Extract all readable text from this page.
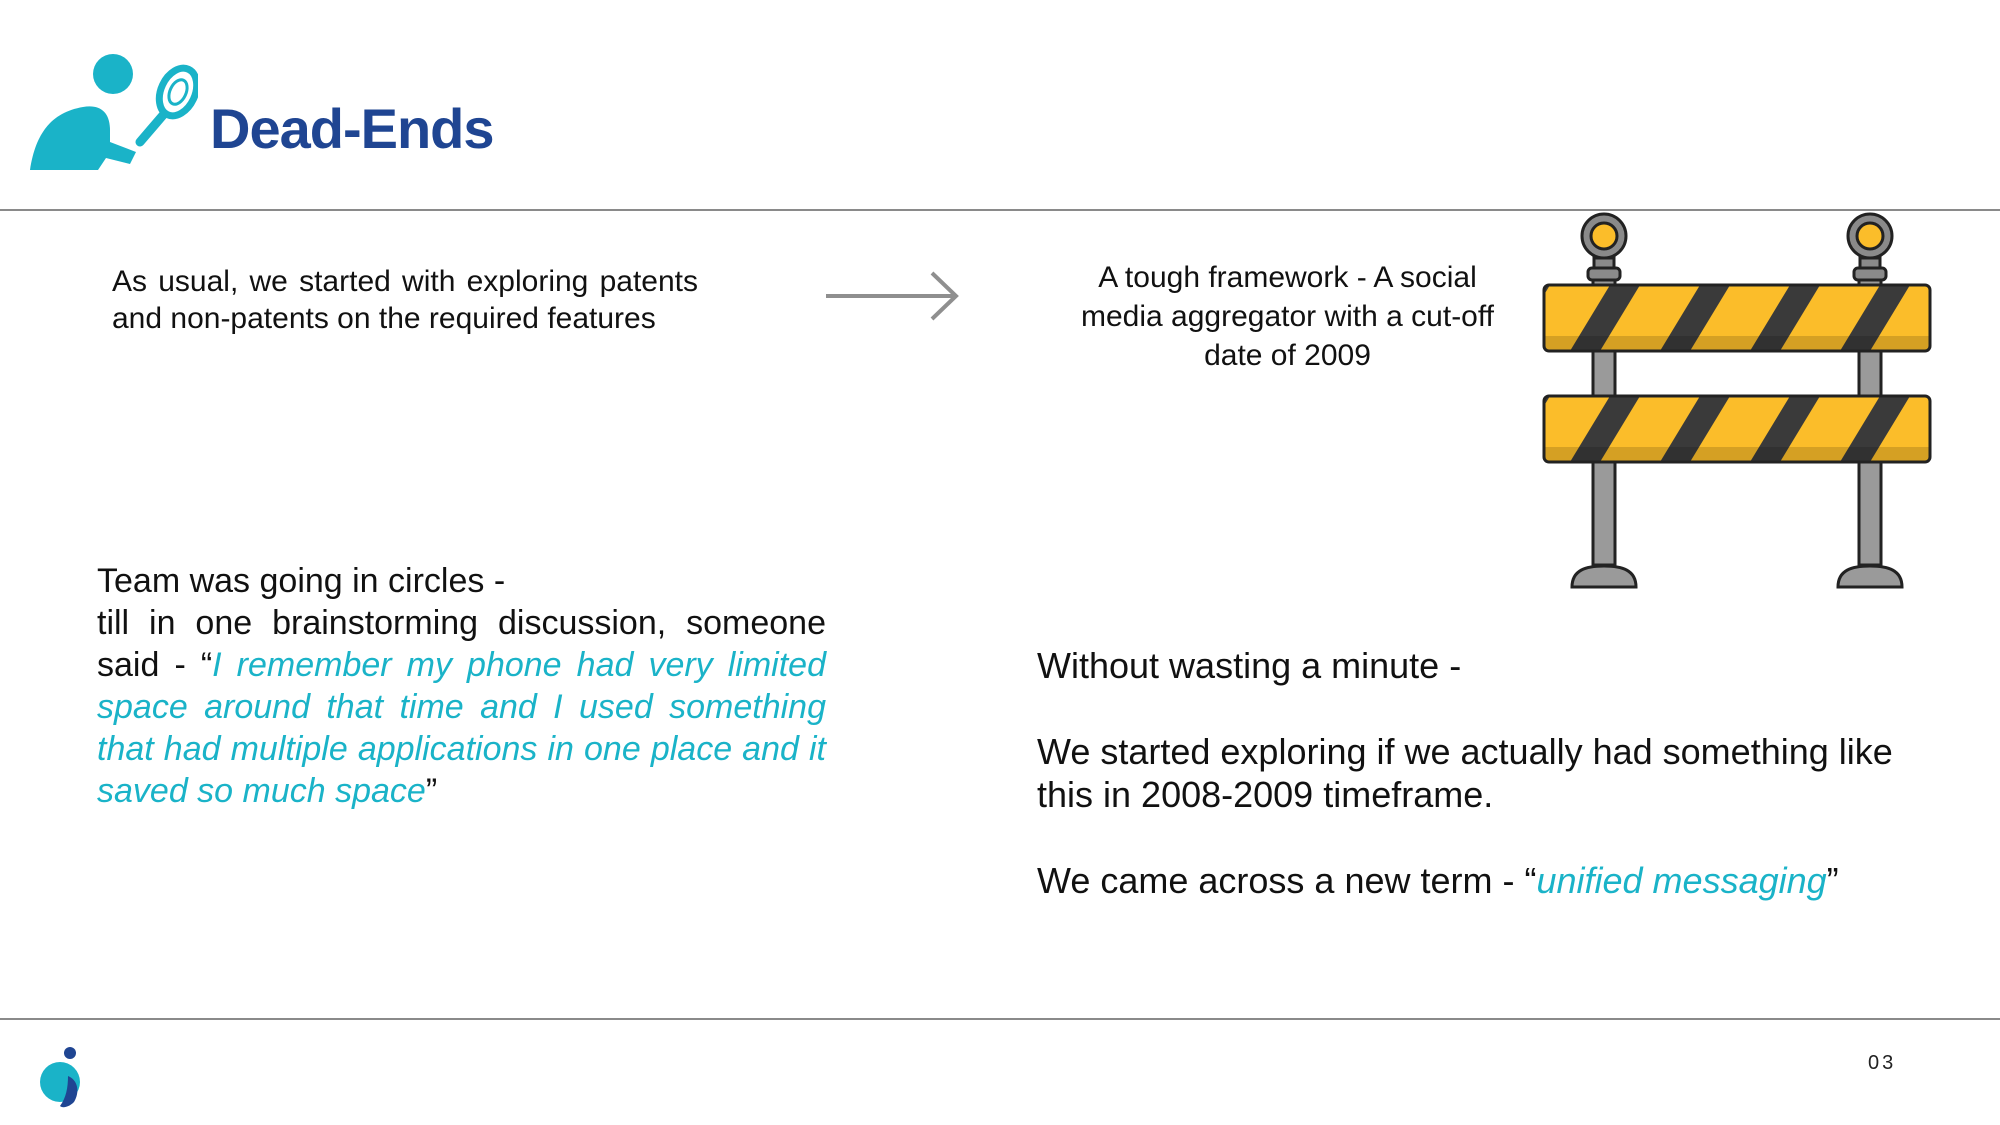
Dead-Ends

As usual, we started with exploring patents and non-patents on the required features

A tough framework - A social media aggregator with a cut-off date of 2009

Team was going in circles -
till in one brainstorming discussion, someone said - “I remember my phone had very limited space around that time and I used something that had multiple applications in one place and it saved so much space”

Without wasting a minute -

We started exploring if we actually had something like this in 2008-2009 timeframe.

We came across a new term - “unified messaging”

03
